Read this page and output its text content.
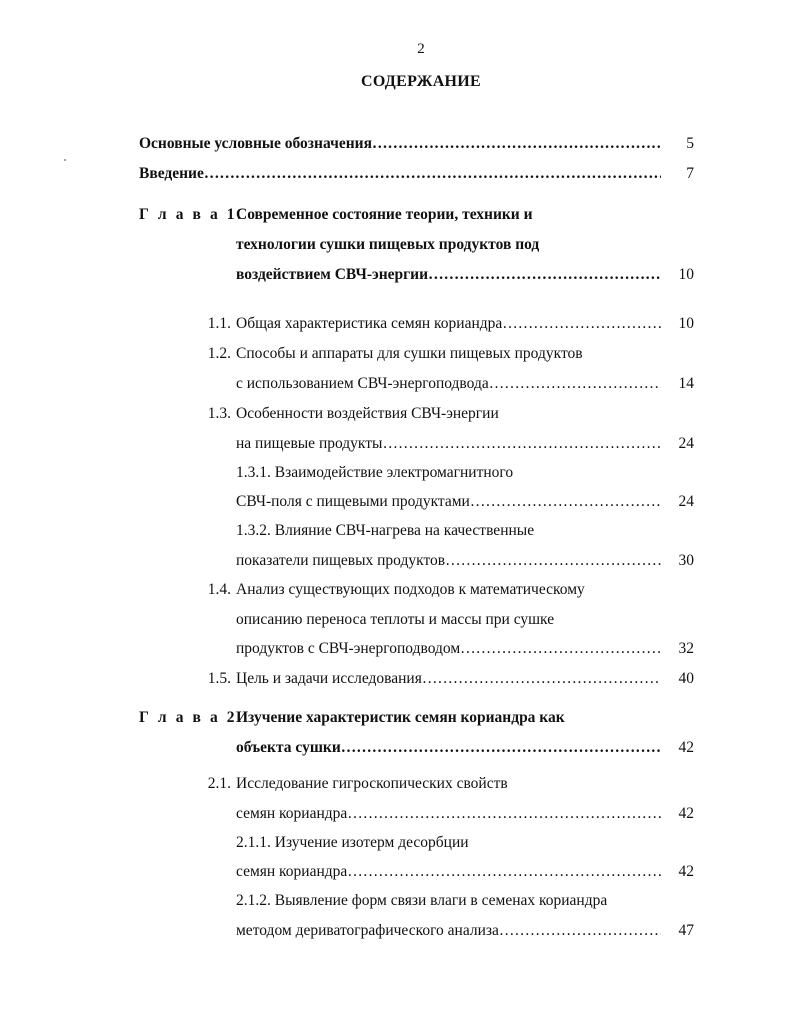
2
СОДЕРЖАНИЕ
Основные условные обозначения ……………………………………………………………………………………………………………………………………………………………	5
Введение ……………………………………………………………………………………………………………………………………………………………	7
Г л а в а 1.
Современное состояние теории, техники и
технологии сушки пищевых продуктов под
воздействием СВЧ-энергии ……………………………………………………………………………………………………………………………………………………………	10
1.1. Общая характеристика семян кориандра ……………………………………………………………………………………………………………………………………………………………	10
1.2. Способы и аппараты для сушки пищевых продуктов
с использованием СВЧ-энергоподвода ……………………………………………………………………………………………………………………………………………………………	14
1.3. Особенности воздействия СВЧ-энергии
на пищевые продукты ……………………………………………………………………………………………………………………………………………………………	24
1.3.1. Взаимодействие электромагнитного
СВЧ-поля с пищевыми продуктами ……………………………………………………………………………………………………………………………………………………………	24
1.3.2. Влияние СВЧ-нагрева на качественные
показатели пищевых продуктов ……………………………………………………………………………………………………………………………………………………………	30
1.4. Анализ существующих подходов к математическому
описанию переноса теплоты и массы при сушке
продуктов с СВЧ-энергоподводом ……………………………………………………………………………………………………………………………………………………………	32
1.5. Цель и задачи исследования ……………………………………………………………………………………………………………………………………………………………	40
Г л а в а 2.
Изучение характеристик семян кориандра как
объекта сушки ……………………………………………………………………………………………………………………………………………………………	42
2.1. Исследование гигроскопических свойств
семян кориандра ……………………………………………………………………………………………………………………………………………………………	42
2.1.1. Изучение изотерм десорбции
семян кориандра ……………………………………………………………………………………………………………………………………………………………	42
2.1.2. Выявление форм связи влаги в семенах кориандра
методом дериватографического анализа ……………………………………………………………………………………………………………………………………………………………	47
